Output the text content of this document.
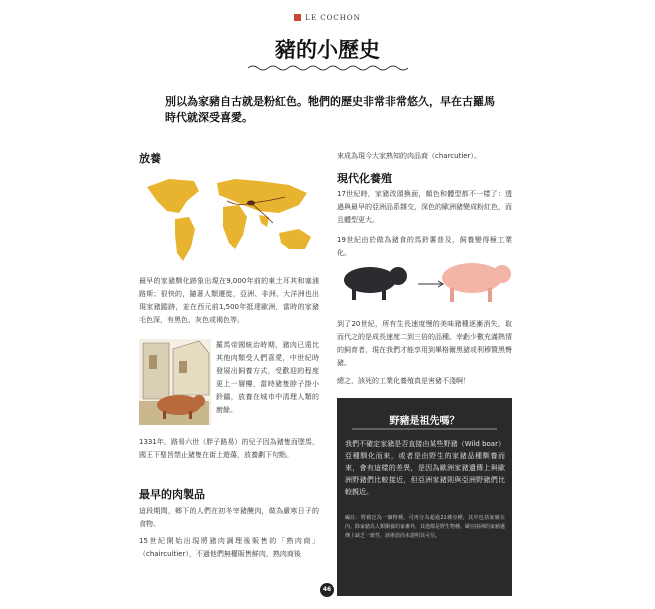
LE COCHON
豬的小歷史
別以為家豬自古就是粉紅色。牠們的歷史非常非常悠久，早在古羅馬時代就深受喜愛。
放養
最早的家豬馴化跡象出現在9,000年前的東土耳其和塞浦路斯；很快的，隨著人類遷徙，亞洲、非洲、大洋洲也出現家豬蹤跡，並在西元前1,500年抵達歐洲，當時的家豬毛色深，有黑色、灰色或褐色等。
羅馬帝國統治時期，豬肉已遠比其他肉類受人們喜愛，中世紀時發展出飼養方式，受歡迎的程度更上一層樓，當時豬隻脖子掛小鈴鐺，放養在城市中清理人類的廚餘。
1331年，路易六世（胖子路易）的兒子因為豬隻而墜馬，國王下聖旨禁止豬隻在街上遊蕩，放養劃下句點。
最早的肉製品
這段期間，鄉下的人們在初冬宰豬醃肉，做為嚴寒日子的食物。
15世紀開始出現將豬肉調理後販售的「熟肉商」（chaircuitier），不過他們無權販售鮮肉，熟肉商後
來成為現今大家熟知的肉品商（charcutier）。
現代化養殖
17世紀時，家豬改頭換面，顏色和體型都不一樣了：透過與最早的亞洲品系雜交，深色的歐洲豬變成粉紅色，而且體型更大。
19世紀由於做為豬食的馬鈴薯普及，飼養變得極工業化。
到了20世紀，所有生長速度慢的美味豬種逐漸消失，取而代之的是成長速度二到三倍的品種。幸虧少數充滿熱情的飼育者，現在我們才能享用到畢格爾黑豬或利穆贊黑臀豬。
總之，該死的工業化養殖真是害豬不淺啊！
野豬是祖先嗎？
我們不確定家豬是否直接由某些野豬（Wild boar）亞種馴化而來，或者是由野生的家豬品種馴養而來，會有這樣的差異，是因為歐洲家豬遺傳上與歐洲野豬們比較接近，但亞洲家豬則與亞洲野豬們比較親近。
編註：野豬泛為一個物種，可再分為超過21種亞種，其中包括家豬在內。除家豬為人類馴養的家畜外，其他都是野生物種，歐亞兩洲的家豬遺傳上缺乏一致性，該術語尚未證明其可信。
46
